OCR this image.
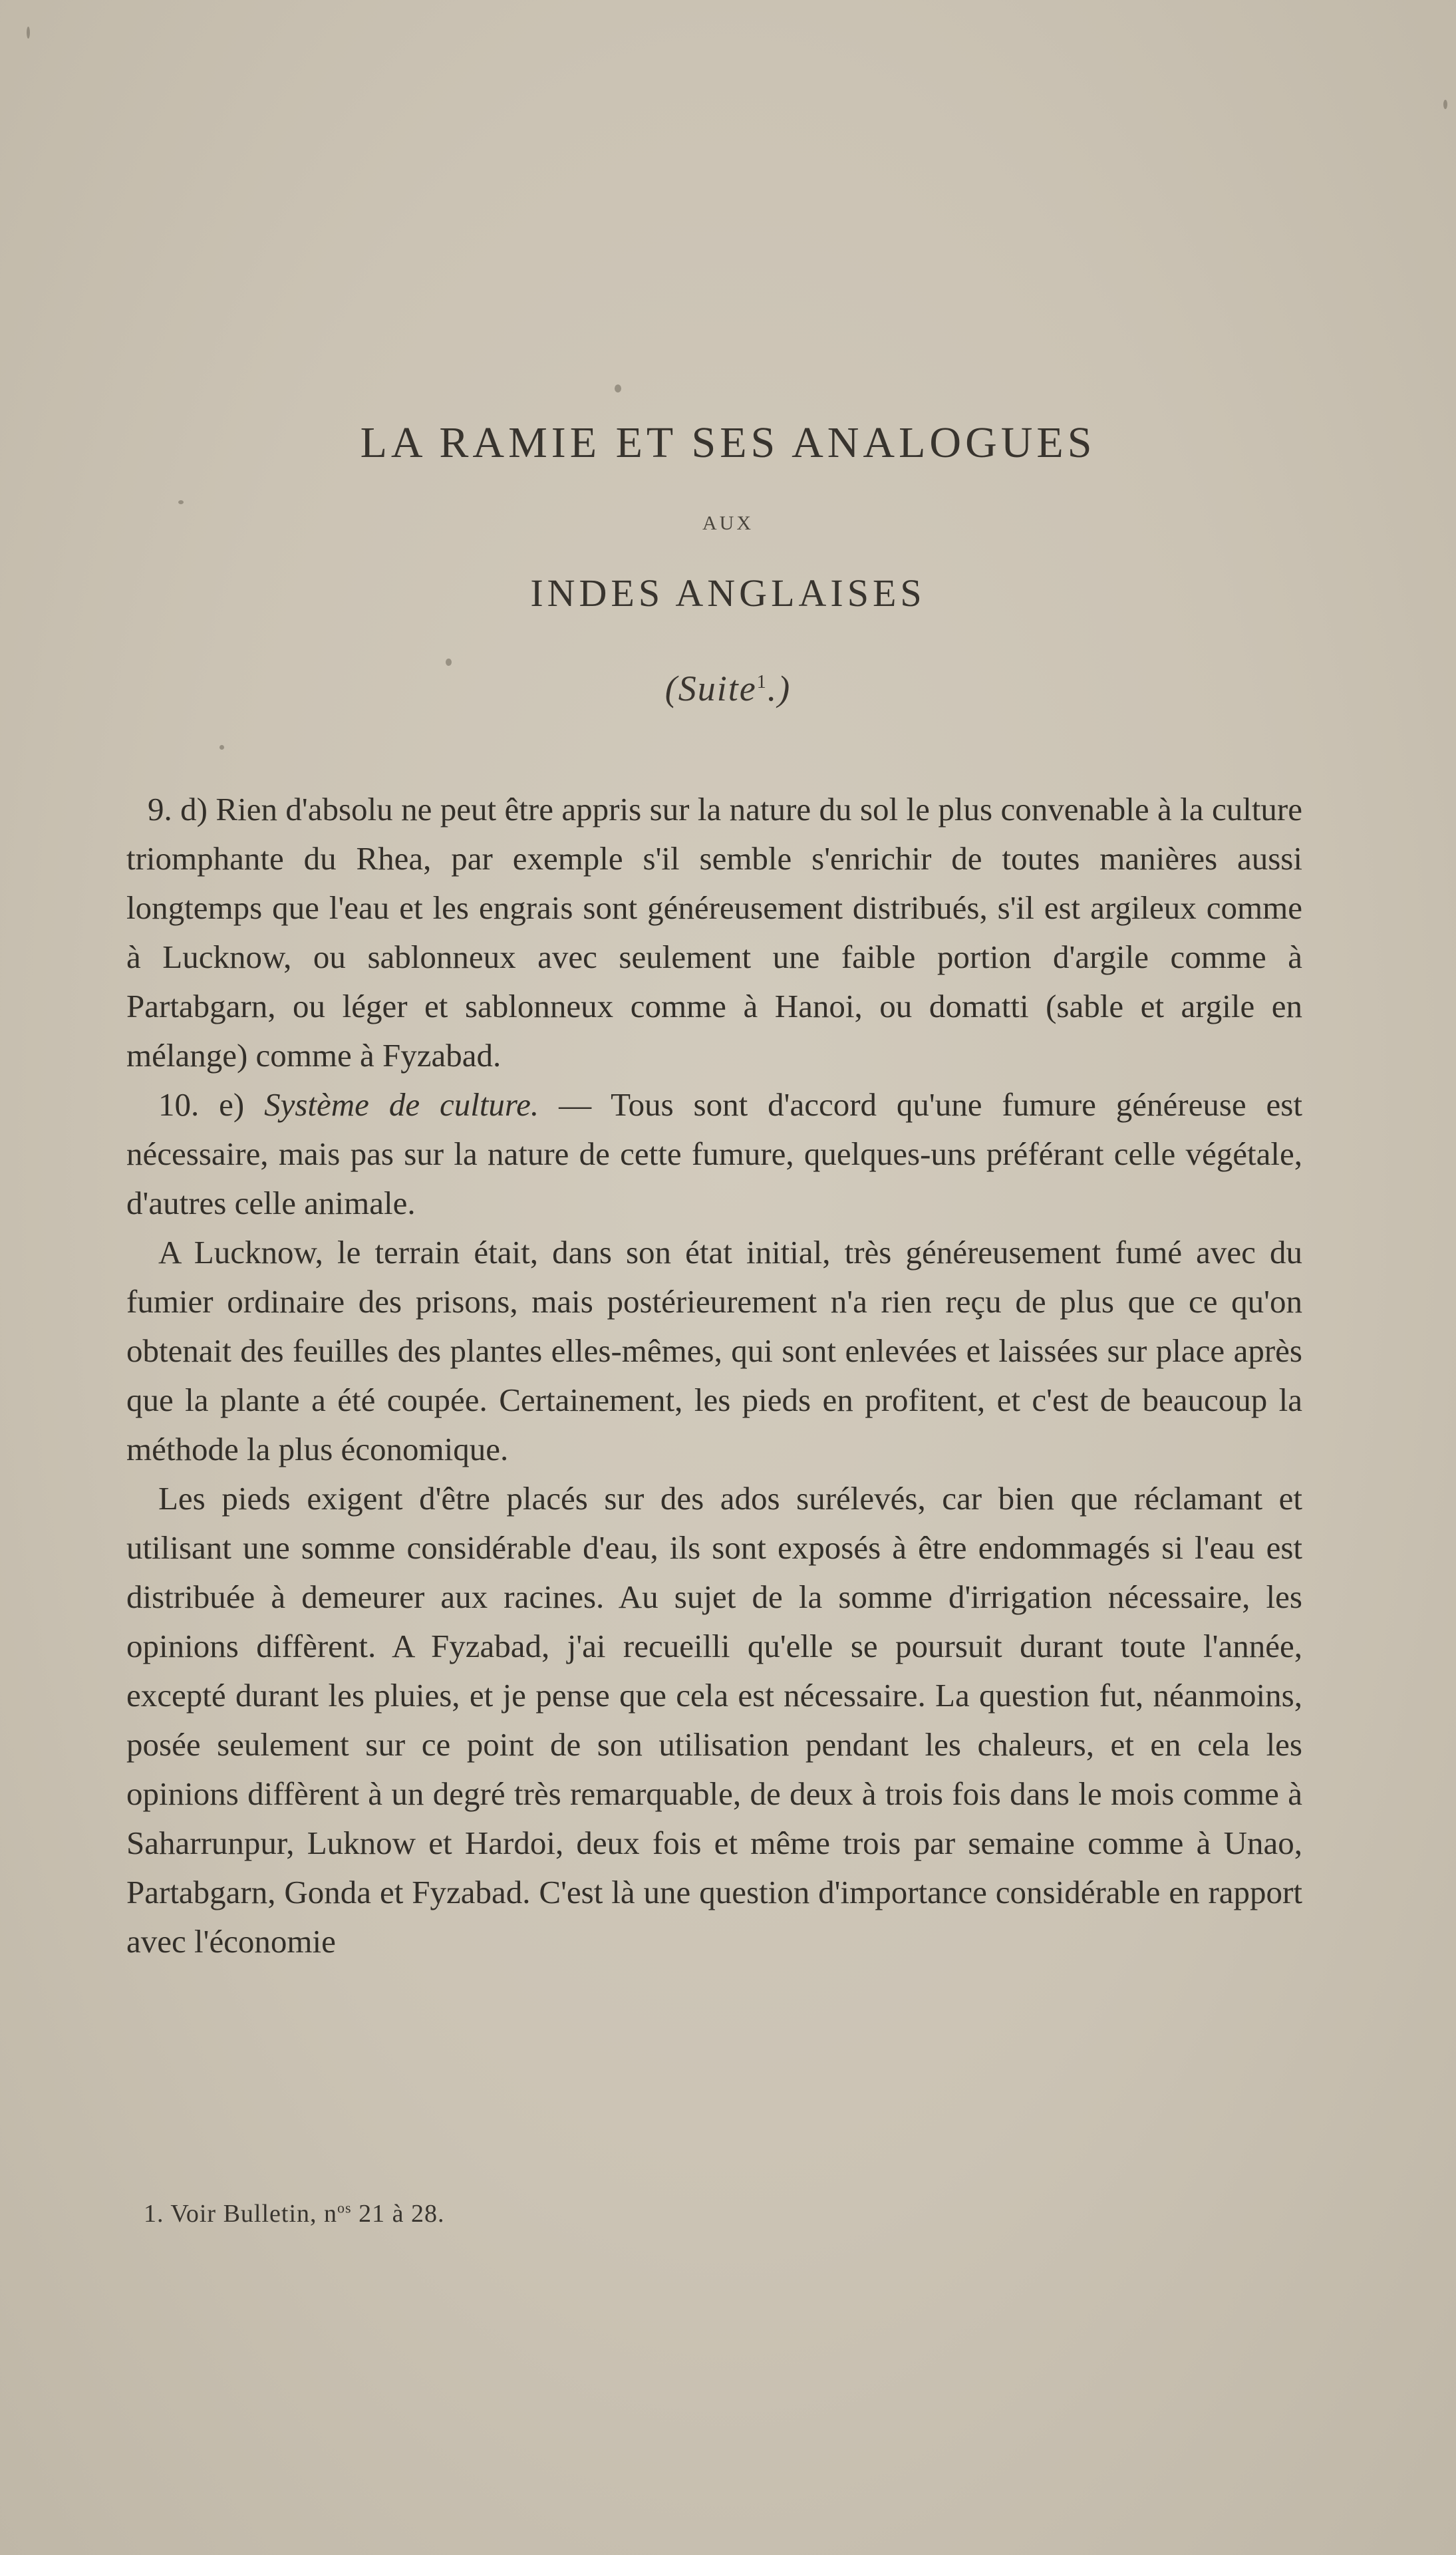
LA RAMIE ET SES ANALOGUES
AUX
INDES ANGLAISES
(Suite$^1$.)

9. d) Rien d'absolu ne peut être appris sur la nature du sol le plus convenable à la culture triomphante du Rhea, par exemple s'il semble s'enrichir de toutes manières aussi longtemps que l'eau et les engrais sont généreusement distribués, s'il est argileux comme à Lucknow, ou sablonneux avec seulement une faible portion d'argile comme à Partabgarn, ou léger et sablonneux comme à Hanoi, ou domatti (sable et argile en mélange) comme à Fyzabad.

10. e) Système de culture. — Tous sont d'accord qu'une fumure généreuse est nécessaire, mais pas sur la nature de cette fumure, quelques-uns préférant celle végétale, d'autres celle animale.

A Lucknow, le terrain était, dans son état initial, très généreusement fumé avec du fumier ordinaire des prisons, mais postérieurement n'a rien reçu de plus que ce qu'on obtenait des feuilles des plantes elles-mêmes, qui sont enlevées et laissées sur place après que la plante a été coupée. Certainement, les pieds en profitent, et c'est de beaucoup la méthode la plus économique.

Les pieds exigent d'être placés sur des ados surélevés, car bien que réclamant et utilisant une somme considérable d'eau, ils sont exposés à être endommagés si l'eau est distribuée à demeurer aux racines. Au sujet de la somme d'irrigation nécessaire, les opinions diffèrent. A Fyzabad, j'ai recueilli qu'elle se poursuit durant toute l'année, excepté durant les pluies, et je pense que cela est nécessaire. La question fut, néanmoins, posée seulement sur ce point de son utilisation pendant les chaleurs, et en cela les opinions diffèrent à un degré très remarquable, de deux à trois fois dans le mois comme à Saharrunpur, Luknow et Hardoi, deux fois et même trois par semaine comme à Unao, Partabgarn, Gonda et Fyzabad. C'est là une question d'importance considérable en rapport avec l'économie

1. Voir Bulletin, $n^{os}$ 21 à 28.
